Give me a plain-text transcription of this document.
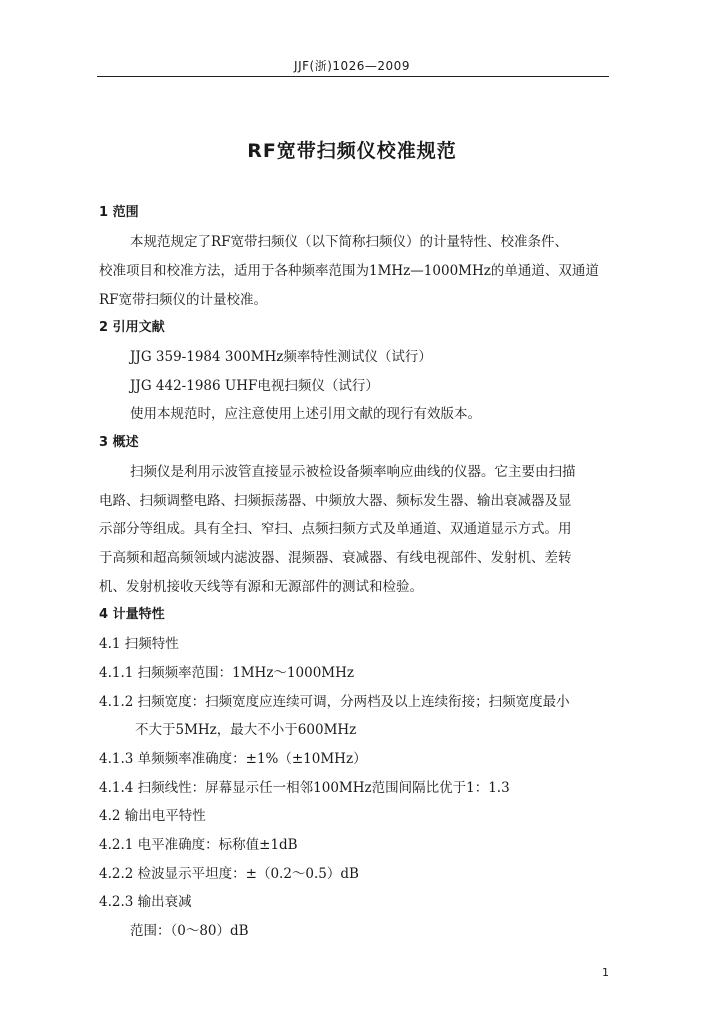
JJF(浙)1026—2009
RF宽带扫频仪校准规范
1 范围
本规范规定了RF宽带扫频仪（以下简称扫频仪）的计量特性、校准条件、
校准项目和校准方法，适用于各种频率范围为1MHz—1000MHz的单通道、双通道
RF宽带扫频仪的计量校准。
2 引用文献
JJG 359-1984 300MHz频率特性测试仪（试行）
JJG 442-1986 UHF电视扫频仪（试行）
使用本规范时，应注意使用上述引用文献的现行有效版本。
3 概述
扫频仪是利用示波管直接显示被检设备频率响应曲线的仪器。它主要由扫描
电路、扫频调整电路、扫频振荡器、中频放大器、频标发生器、输出衰减器及显
示部分等组成。具有全扫、窄扫、点频扫频方式及单通道、双通道显示方式。用
于高频和超高频领域内滤波器、混频器、衰减器、有线电视部件、发射机、差转
机、发射机接收天线等有源和无源部件的测试和检验。
4 计量特性
4.1 扫频特性
4.1.1 扫频频率范围：1MHz～1000MHz
4.1.2 扫频宽度：扫频宽度应连续可调，分两档及以上连续衔接；扫频宽度最小
不大于5MHz，最大不小于600MHz
4.1.3 单频频率准确度：±1%（±10MHz）
4.1.4 扫频线性：屏幕显示任一相邻100MHz范围间隔比优于1：1.3
4.2 输出电平特性
4.2.1 电平准确度：标称值±1dB
4.2.2 检波显示平坦度：±（0.2～0.5）dB
4.2.3 输出衰减
范围：（0～80）dB
1
